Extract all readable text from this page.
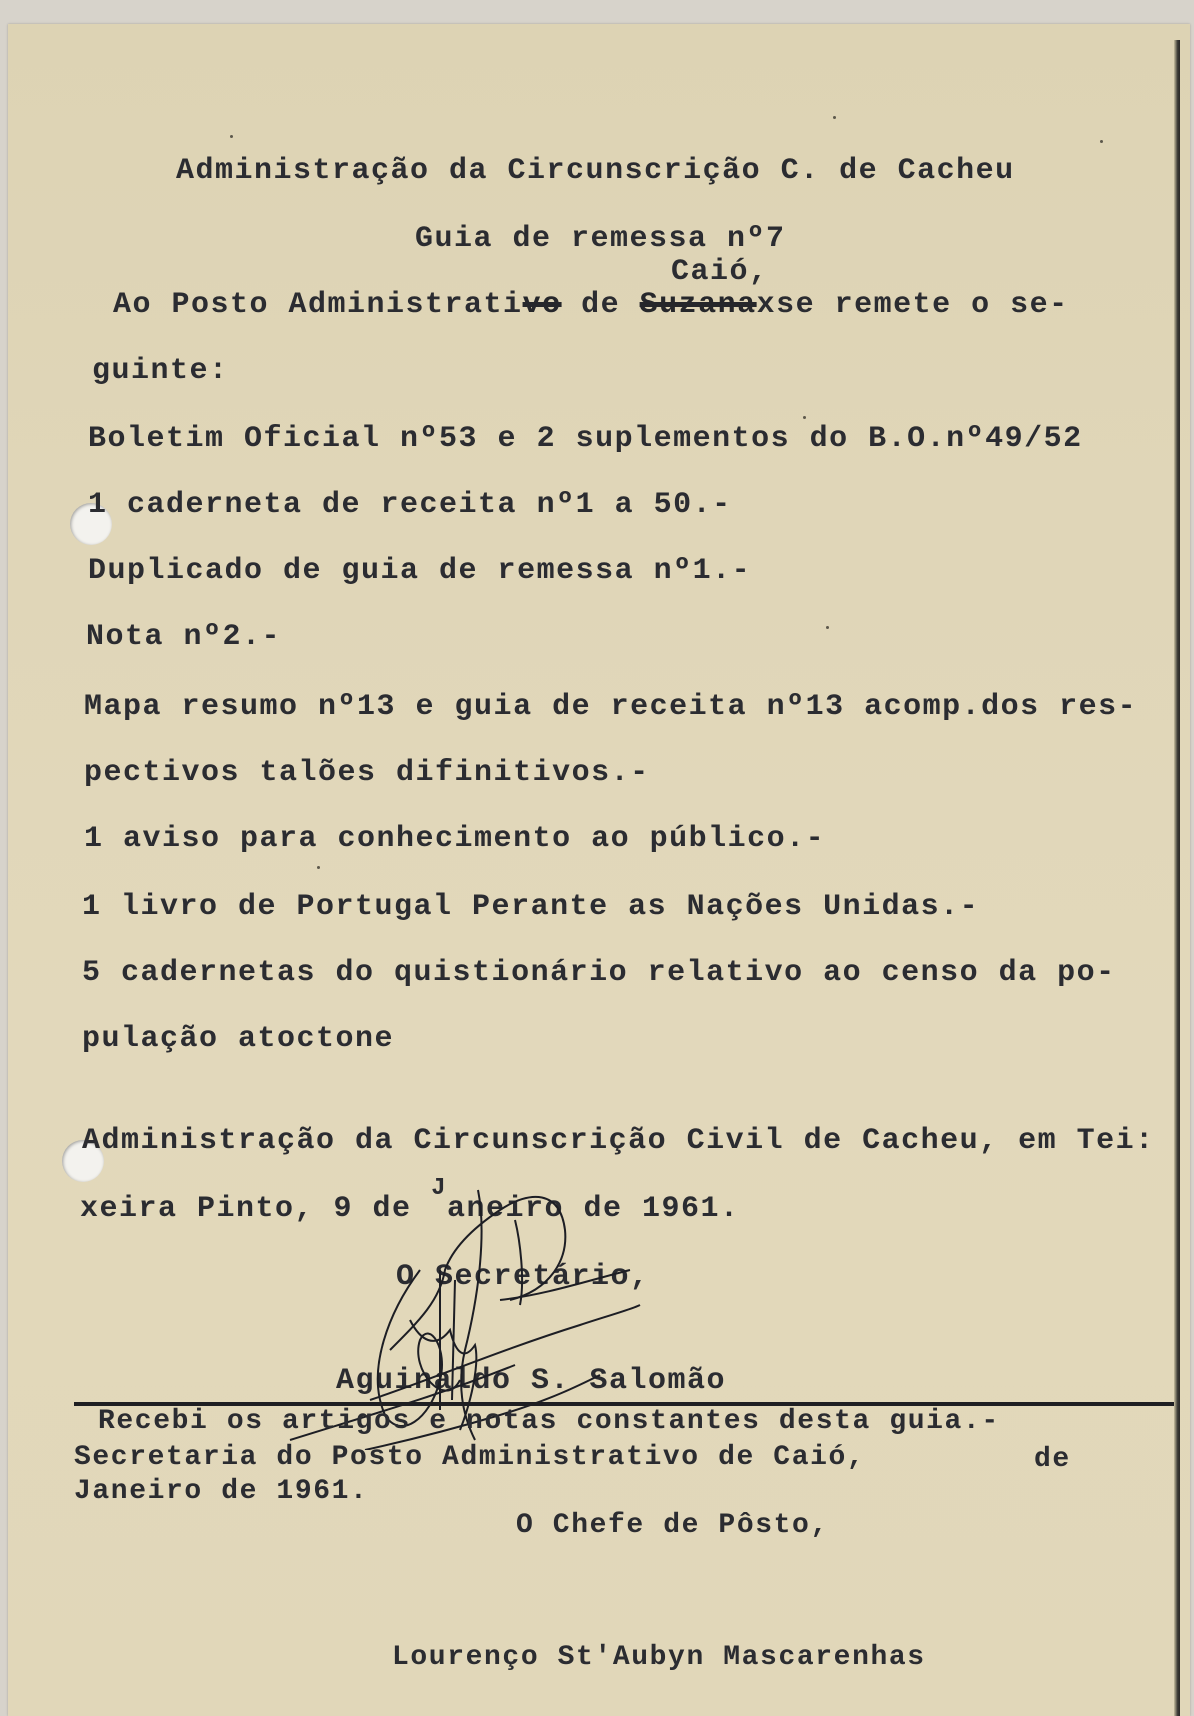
Administração da Circunscrição C. de Cacheu
Guia de remessa nº7
Caió,
Ao Posto Administrativo de Suzanaxse remete o se-
guinte:
Boletim Oficial nº53 e 2 suplementos do B.O.nº49/52
1 caderneta de receita nº1 a 50.-
Duplicado de guia de remessa nº1.-
Nota nº2.-
Mapa resumo nº13 e guia de receita nº13 acomp.dos res-
pectivos talões difinitivos.-
1 aviso para conhecimento ao público.-
1 livro de Portugal Perante as Nações Unidas.-
5 cadernetas do quistionário relativo ao censo da po-
pulação atoctone
Administração da Circunscrição Civil de Cacheu, em Tei:
xeira Pinto, 9 de $^J$aneiro de 1961.
O Secretário,
Aguinaldo S. Salomão
Recebi os artigos e notas constantes desta guia.-
Secretaria do Posto Administrativo de Caió,	de
Janeiro de 1961.
O Chefe de Pôsto,
Lourenço St'Aubyn Mascarenhas
